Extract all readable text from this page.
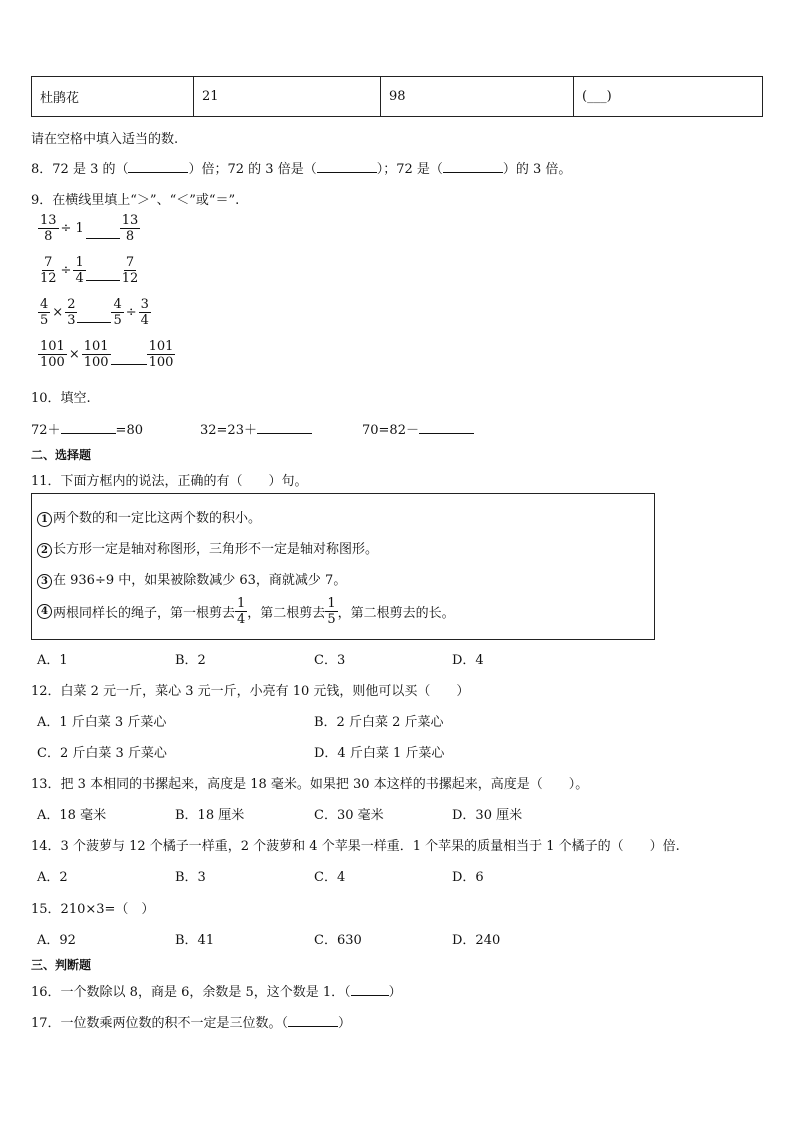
杜鹃花	21	98	(___)
请在空格中填入适当的数.
8．72 是 3 的（	）倍；72 的 3 倍是（	）；72 是（	）的 3 倍。
9．在横线里填上“＞”、“＜”或“＝”.
$\frac{13}{8} \div 1$	$\frac{13}{8}$
$\frac{7}{12} \div \frac{1}{4}$	$\frac{7}{12}$
$\frac{4}{5} \times \frac{2}{3}$	$\frac{4}{5} \div \frac{3}{4}$
$\frac{101}{100} \times \frac{101}{100}$	$\frac{101}{100}$
10．填空.
72＋	=80	32=23＋	70=82－
二、选择题
11．下面方框内的说法，正确的有（　　）句。
1 两个数的和一定比这两个数的积小。
2 长方形一定是轴对称图形，三角形不一定是轴对称图形。
3 在 936÷9 中，如果被除数减少 63，商就减少 7。
4 两根同样长的绳子，第一根剪去 $\frac{1}{4}$ ，第二根剪去 $\frac{1}{5}$ ，第二根剪去的长。
A．1	B．2	C．3	D．4
12．白菜 2 元一斤，菜心 3 元一斤，小亮有 10 元钱，则他可以买（　　）
A．1 斤白菜 3 斤菜心	B．2 斤白菜 2 斤菜心
C．2 斤白菜 3 斤菜心	D．4 斤白菜 1 斤菜心
13．把 3 本相同的书摞起来，高度是 18 毫米。如果把 30 本这样的书摞起来，高度是（　　）。
A．18 毫米	B．18 厘米	C．30 毫米	D．30 厘米
14．3 个菠萝与 12 个橘子一样重，2 个菠萝和 4 个苹果一样重．1 个苹果的质量相当于 1 个橘子的（　　）倍.
A．2	B．3	C．4	D．6
15．210×3=（　）
A．92	B．41	C．630	D．240
三、判断题
16．一个数除以 8，商是 6，余数是 5，这个数是 1．（	）
17．一位数乘两位数的积不一定是三位数。（	）
